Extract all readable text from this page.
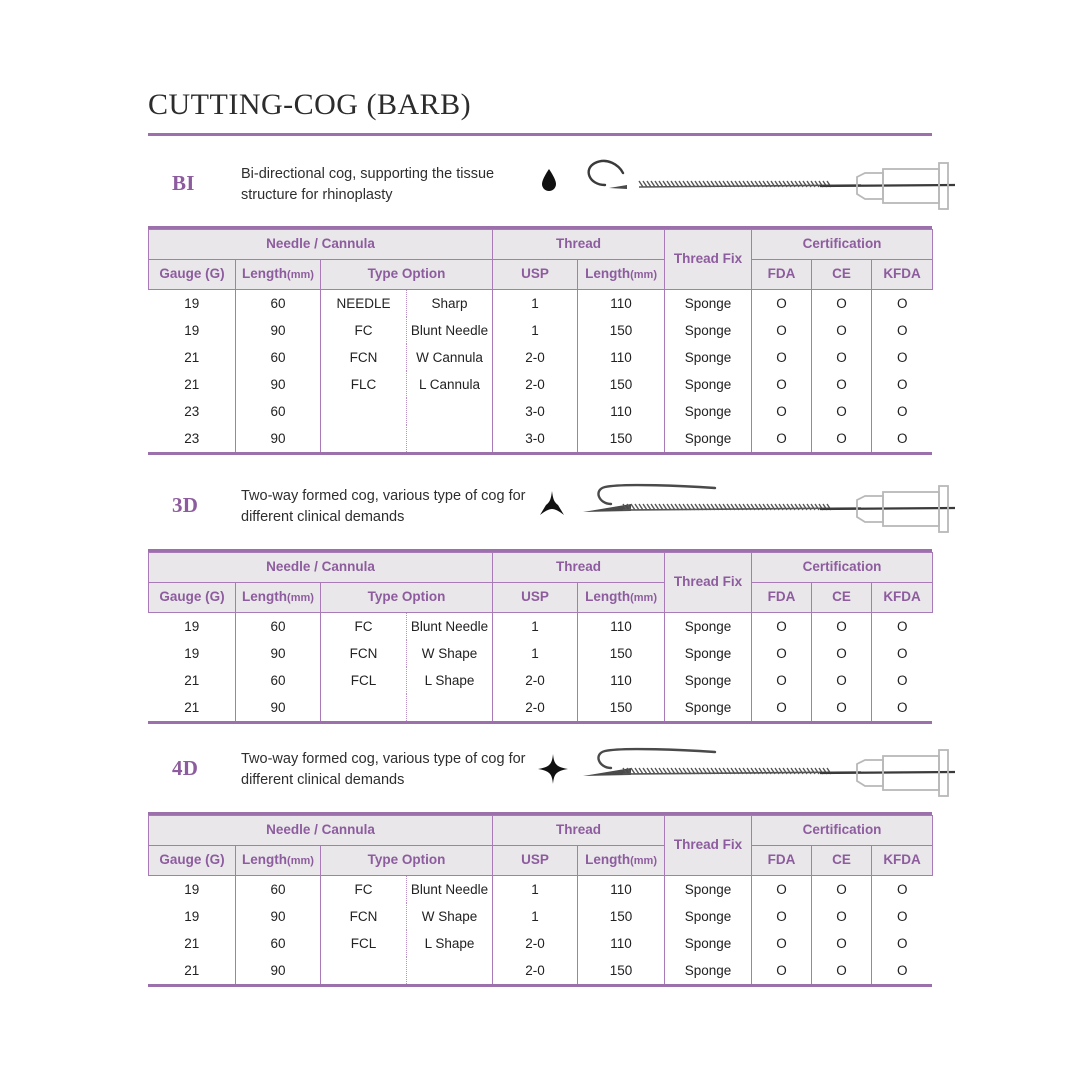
CUTTING-COG (BARB)
BI	Bi-directional cog, supporting the tissue structure for rhinoplasty
Needle / Cannula				Thread		Thread Fix	Certification		
Gauge (G)	Length(mm)	Type Option		USP	Length(mm)		FDA	CE	KFDA
19	60	NEEDLE	Sharp	1	110	Sponge	O	O	O
19	90	FC	Blunt Needle	1	150	Sponge	O	O	O
21	60	FCN	W Cannula	2-0	110	Sponge	O	O	O
21	90	FLC	L Cannula	2-0	150	Sponge	O	O	O
23	60			3-0	110	Sponge	O	O	O
23	90			3-0	150	Sponge	O	O	O
3D	Two-way formed cog, various type of cog for different clinical demands
Needle / Cannula				Thread		Thread Fix	Certification		
Gauge (G)	Length(mm)	Type Option		USP	Length(mm)		FDA	CE	KFDA
19	60	FC	Blunt Needle	1	110	Sponge	O	O	O
19	90	FCN	W Shape	1	150	Sponge	O	O	O
21	60	FCL	L Shape	2-0	110	Sponge	O	O	O
21	90			2-0	150	Sponge	O	O	O
4D	Two-way formed cog, various type of cog for different clinical demands
Needle / Cannula				Thread		Thread Fix	Certification		
Gauge (G)	Length(mm)	Type Option		USP	Length(mm)		FDA	CE	KFDA
19	60	FC	Blunt Needle	1	110	Sponge	O	O	O
19	90	FCN	W Shape	1	150	Sponge	O	O	O
21	60	FCL	L Shape	2-0	110	Sponge	O	O	O
21	90			2-0	150	Sponge	O	O	O
